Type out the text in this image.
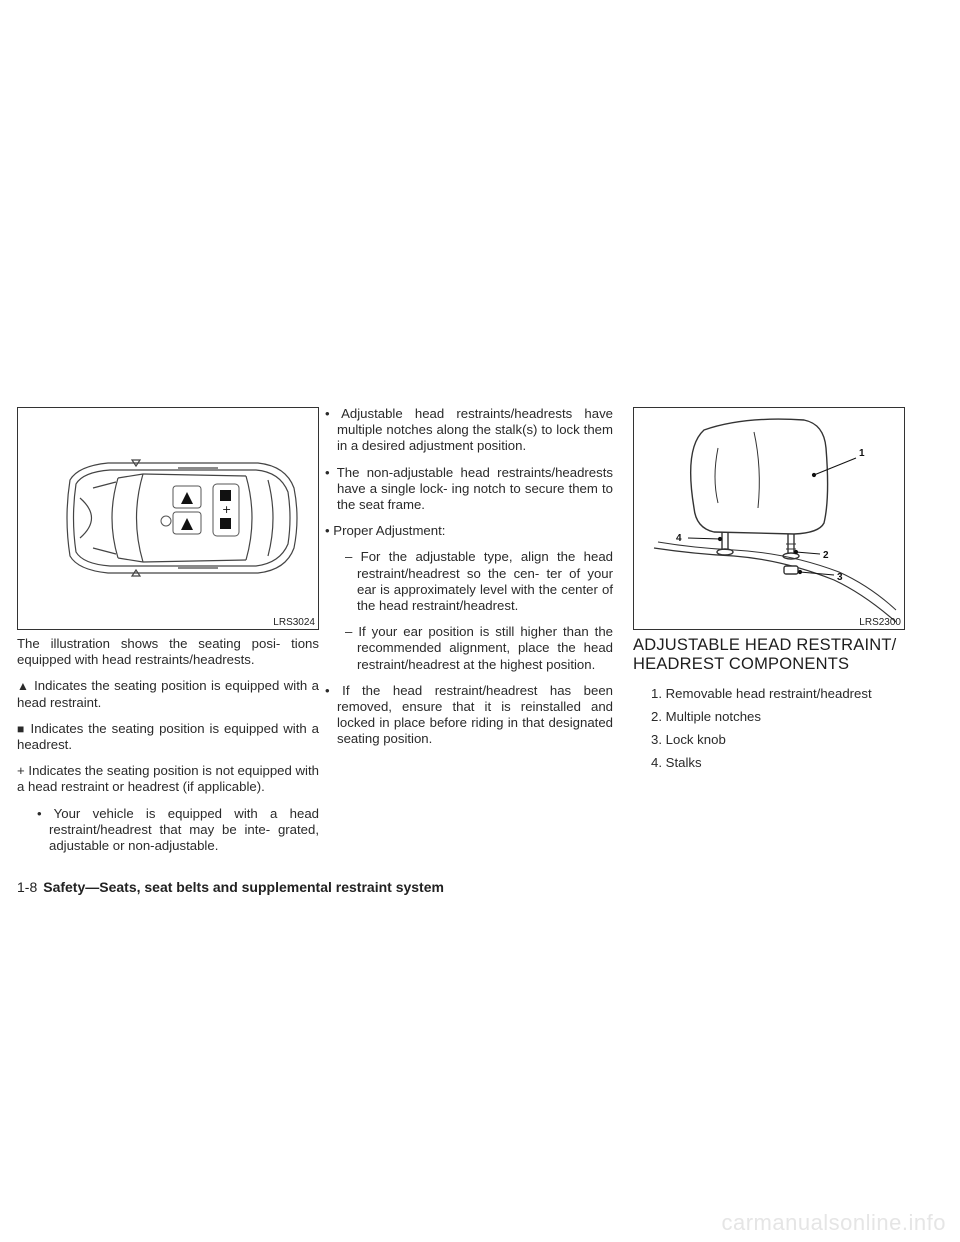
+
LRS3024

The illustration shows the seating posi- tions equipped with head restraints/headrests.

▲ Indicates the seating position is equipped with a head restraint.

■ Indicates the seating position is equipped with a headrest.

+ Indicates the seating position is not equipped with a head restraint or headrest (if applicable).

• Your vehicle is equipped with a head restraint/headrest that may be inte- grated, adjustable or non-adjustable.

• Adjustable head restraints/headrests have multiple notches along the stalk(s) to lock them in a desired adjustment position.

• The non-adjustable head restraints/headrests have a single lock- ing notch to secure them to the seat frame.

• Proper Adjustment:

– For the adjustable type, align the head restraint/headrest so the cen- ter of your ear is approximately level with the center of the head restraint/headrest.

– If your ear position is still higher than the recommended alignment, place the head restraint/headrest at the highest position.

• If the head restraint/headrest has been removed, ensure that it is reinstalled and locked in place before riding in that designated seating position.

1
2
3
4
LRS2300
ADJUSTABLE HEAD RESTRAINT/
HEADREST COMPONENTS
1. Removable head restraint/headrest
2. Multiple notches
3. Lock knob
4. Stalks
1-8 Safety—Seats, seat belts and supplemental restraint system
carmanualsonline.info
